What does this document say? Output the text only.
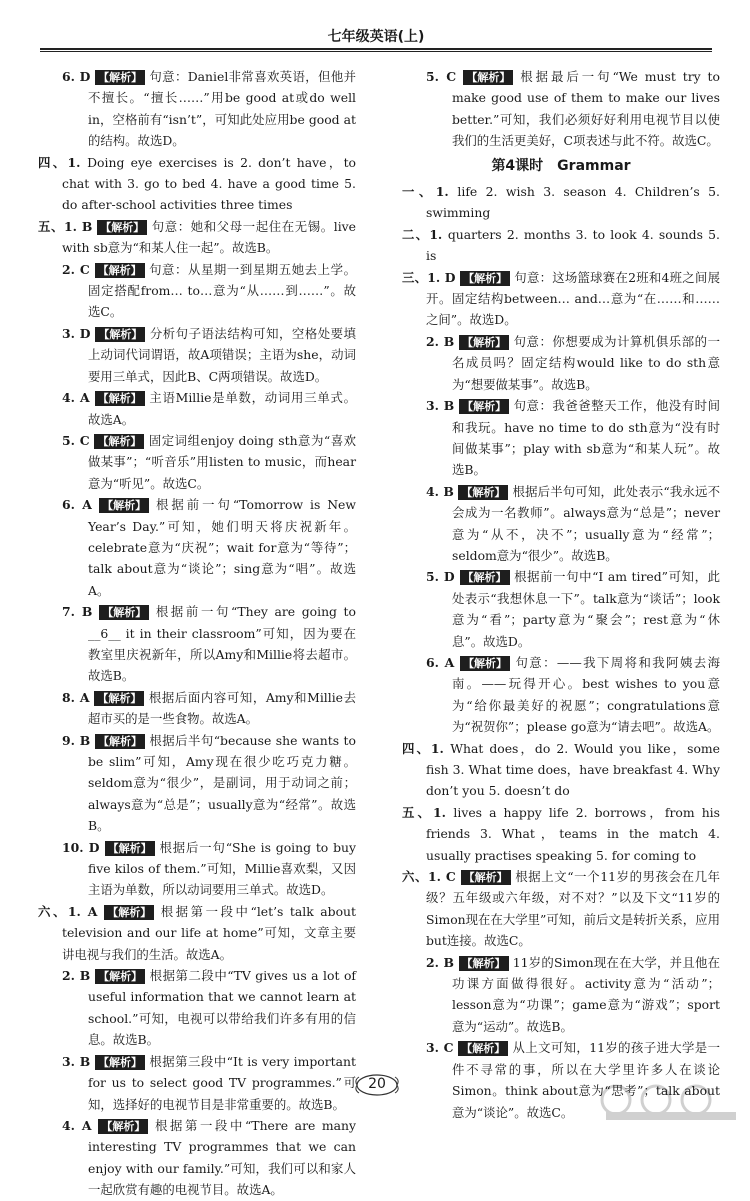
七年级英语(上)

6. D 【解析】 句意：Daniel非常喜欢英语，但他并不擅长。“擅长……”用be good at或do well in，空格前有“isn’t”，可知此处应用be good at的结构。故选D。

四、1. Doing eye exercises is 2. don’t have，to chat with 3. go to bed 4. have a good time 5. do after-school activities three times

五、1. B 【解析】 句意：她和父母一起住在无锡。live with sb意为“和某人住一起”。故选B。

2. C 【解析】 句意：从星期一到星期五她去上学。固定搭配from… to…意为“从……到……”。故选C。

3. D 【解析】 分析句子语法结构可知，空格处要填上动词代词谓语，故A项错误；主语为she，动词要用三单式，因此B、C两项错误。故选D。

4. A 【解析】 主语Millie是单数，动词用三单式。故选A。

5. C 【解析】 固定词组enjoy doing sth意为“喜欢做某事”；“听音乐”用listen to music，而hear意为“听见”。故选C。

6. A 【解析】 根据前一句“Tomorrow is New Year’s Day.”可知，她们明天将庆祝新年。celebrate意为“庆祝”；wait for意为“等待”；talk about意为“谈论”；sing意为“唱”。故选A。

7. B 【解析】 根据前一句“They are going to __6__ it in their classroom”可知，因为要在教室里庆祝新年，所以Amy和Millie将去超市。故选B。

8. A 【解析】 根据后面内容可知，Amy和Millie去超市买的是一些食物。故选A。

9. B 【解析】 根据后半句“because she wants to be slim”可知，Amy现在很少吃巧克力糖。seldom意为“很少”，是副词，用于动词之前；always意为“总是”；usually意为“经常”。故选B。

10. D 【解析】 根据后一句“She is going to buy five kilos of them.”可知，Millie喜欢梨，又因主语为单数，所以动词要用三单式。故选D。

六、1. A 【解析】 根据第一段中“let’s talk about television and our life at home”可知，文章主要讲电视与我们的生活。故选A。

2. B 【解析】 根据第二段中“TV gives us a lot of useful information that we cannot learn at school.”可知，电视可以带给我们许多有用的信息。故选B。

3. B 【解析】 根据第三段中“It is very important for us to select good TV programmes.”可知，选择好的电视节目是非常重要的。故选B。

4. A 【解析】 根据第一段中“There are many interesting TV programmes that we can enjoy with our family.”可知，我们可以和家人一起欣赏有趣的电视节目。故选A。

5. C 【解析】 根据最后一句“We must try to make good use of them to make our lives better.”可知，我们必须好好利用电视节目以使我们的生活更美好，C项表述与此不符。故选C。

第4课时　Grammar

一、1. life 2. wish 3. season 4. Children’s 5. swimming

二、1. quarters 2. months 3. to look 4. sounds 5. is

三、1. D 【解析】 句意：这场篮球赛在2班和4班之间展开。固定结构between… and…意为“在……和……之间”。故选D。

2. B 【解析】 句意：你想要成为计算机俱乐部的一名成员吗？固定结构would like to do sth意为“想要做某事”。故选B。

3. B 【解析】 句意：我爸爸整天工作，他没有时间和我玩。have no time to do sth意为“没有时间做某事”；play with sb意为“和某人玩”。故选B。

4. B 【解析】 根据后半句可知，此处表示“我永远不会成为一名教师”。always意为“总是”；never意为“从不，决不”；usually意为“经常”；seldom意为“很少”。故选B。

5. D 【解析】 根据前一句中“I am tired”可知，此处表示“我想休息一下”。talk意为“谈话”；look意为“看”；party意为“聚会”；rest意为“休息”。故选D。

6. A 【解析】 句意：——我下周将和我阿姨去海南。——玩得开心。best wishes to you意为“给你最美好的祝愿”；congratulations意为“祝贺你”；please go意为“请去吧”。故选A。

四、1. What does，do 2. Would you like，some fish 3. What time does，have breakfast 4. Why don’t you 5. doesn’t do

五、1. lives a happy life 2. borrows，from his friends 3. What，teams in the match 4. usually practises speaking 5. for coming to

六、1. C 【解析】 根据上文“一个11岁的男孩会在几年级？五年级或六年级，对不对？”以及下文“11岁的Simon现在在大学里”可知，前后文是转折关系，应用but连接。故选C。

2. B 【解析】 11岁的Simon现在在大学，并且他在功课方面做得很好。activity意为“活动”；lesson意为“功课”；game意为“游戏”；sport意为“运动”。故选B。

3. C 【解析】 从上文可知，11岁的孩子进大学是一件不寻常的事，所以在大学里许多人在谈论Simon。think about意为“思考”；talk about意为“谈论”。故选C。

20
